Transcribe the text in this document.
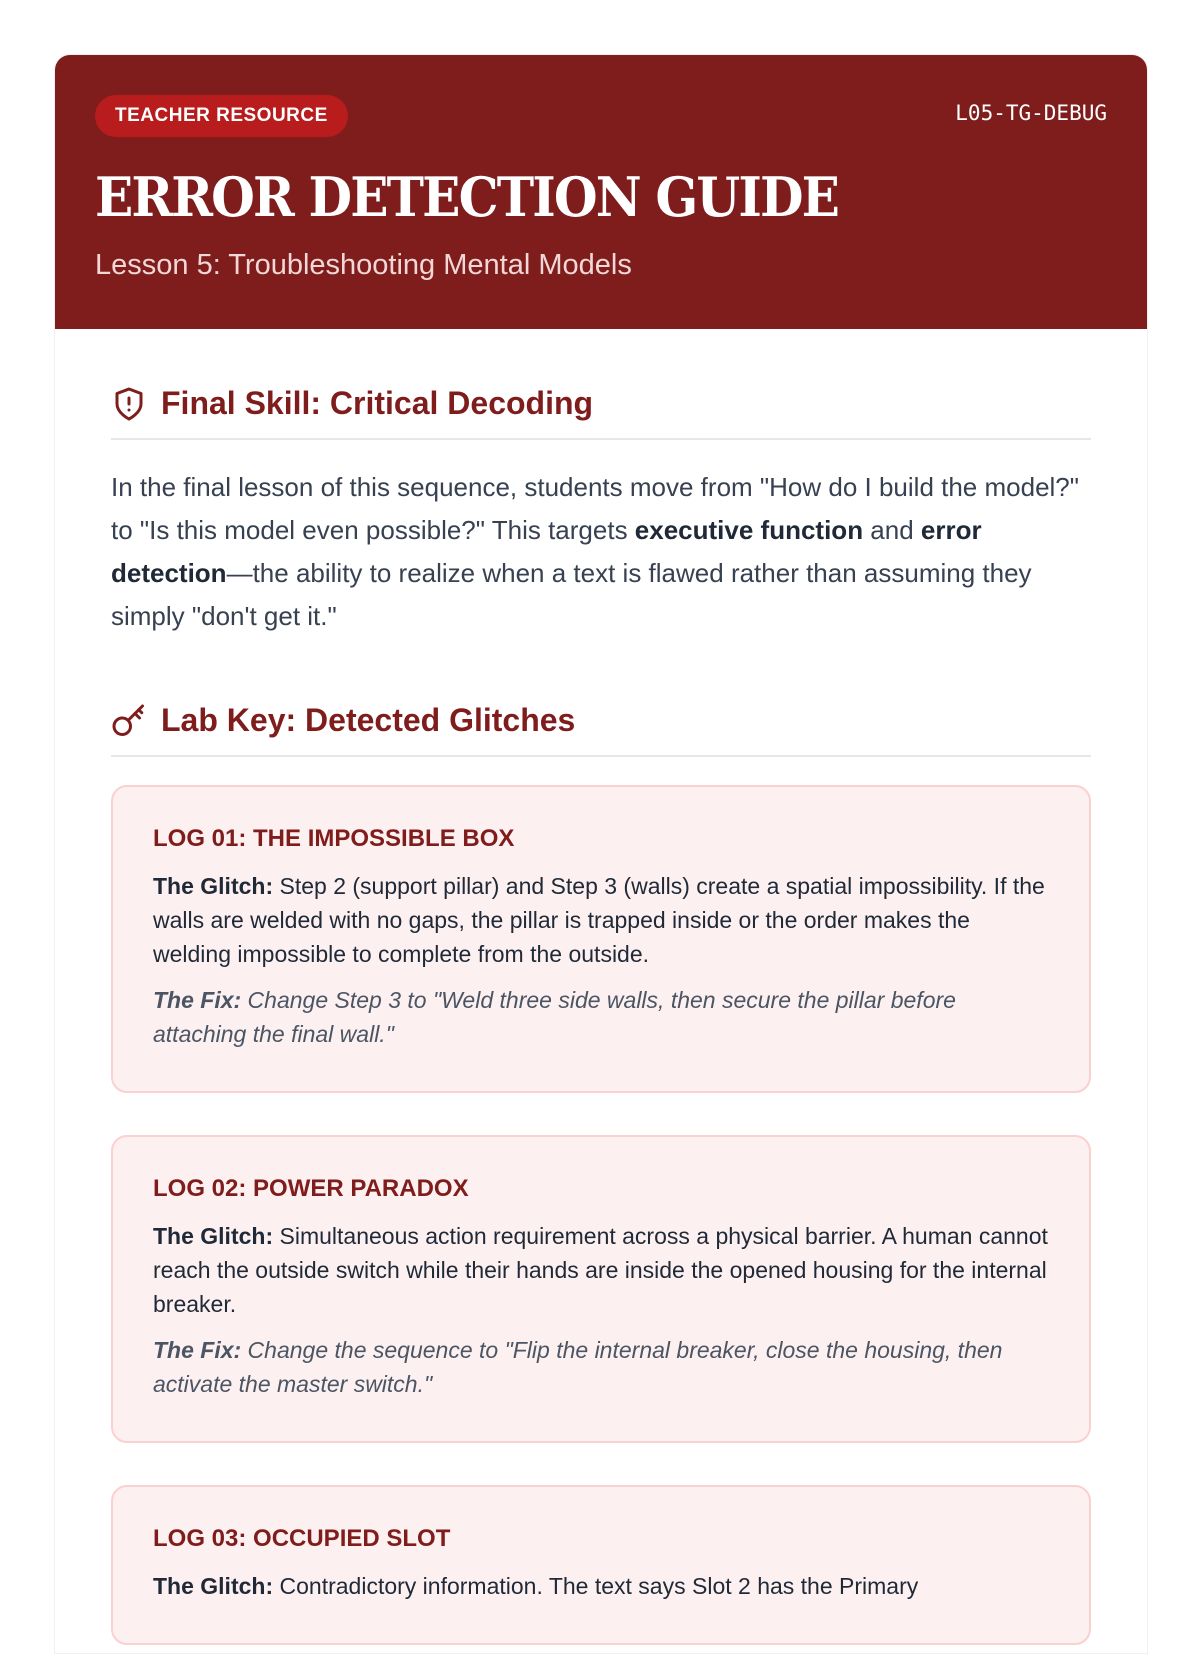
TEACHER RESOURCE	L05-TG-DEBUG
ERROR DETECTION GUIDE
Lesson 5: Troubleshooting Mental Models
Final Skill: Critical Decoding

In the final lesson of this sequence, students move from "How do I build the model?" to "Is this model even possible?" This targets executive function and error detection—the ability to realize when a text is flawed rather than assuming they simply "don't get it."

Lab Key: Detected Glitches
LOG 01: THE IMPOSSIBLE BOX

The Glitch: Step 2 (support pillar) and Step 3 (walls) create a spatial impossibility. If the walls are welded with no gaps, the pillar is trapped inside or the order makes the welding impossible to complete from the outside.

The Fix: Change Step 3 to "Weld three side walls, then secure the pillar before attaching the final wall."

LOG 02: POWER PARADOX

The Glitch: Simultaneous action requirement across a physical barrier. A human cannot reach the outside switch while their hands are inside the opened housing for the internal breaker.

The Fix: Change the sequence to "Flip the internal breaker, close the housing, then activate the master switch."

LOG 03: OCCUPIED SLOT

The Glitch: Contradictory information. The text says Slot 2 has the Primary
